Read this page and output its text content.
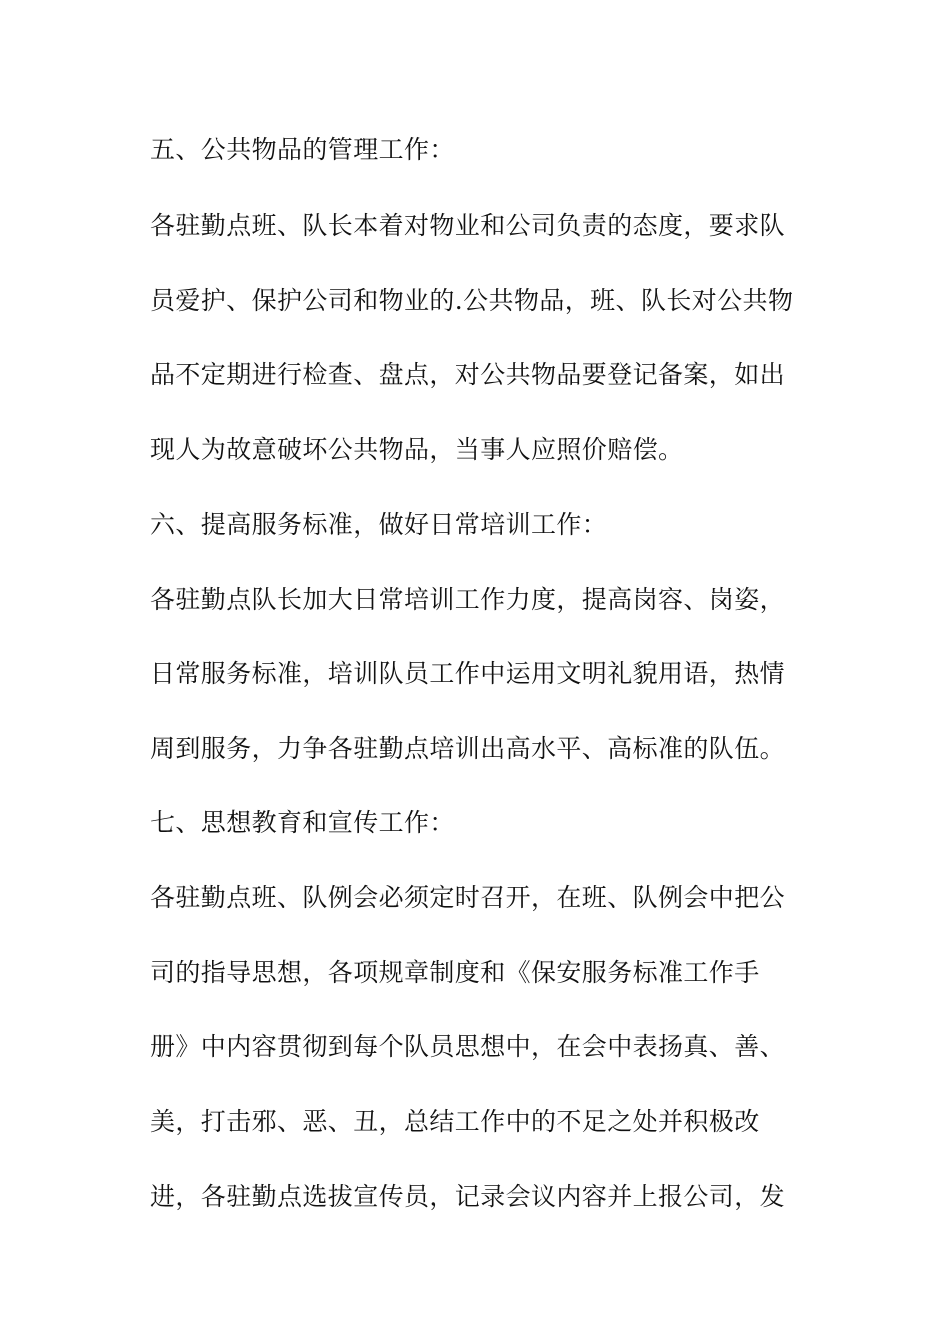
五、公共物品的管理工作：
各驻勤点班、队长本着对物业和公司负责的态度，要求队
员爱护、保护公司和物业的.公共物品，班、队长对公共物
品不定期进行检查、盘点，对公共物品要登记备案，如出
现人为故意破坏公共物品，当事人应照价赔偿。
六、提高服务标准，做好日常培训工作：
各驻勤点队长加大日常培训工作力度，提高岗容、岗姿，
日常服务标准，培训队员工作中运用文明礼貌用语，热情
周到服务，力争各驻勤点培训出高水平、高标准的队伍。
七、思想教育和宣传工作：
各驻勤点班、队例会必须定时召开，在班、队例会中把公
司的指导思想，各项规章制度和《保安服务标准工作手
册》中内容贯彻到每个队员思想中，在会中表扬真、善、
美，打击邪、恶、丑，总结工作中的不足之处并积极改
进，各驻勤点选拔宣传员，记录会议内容并上报公司，发
